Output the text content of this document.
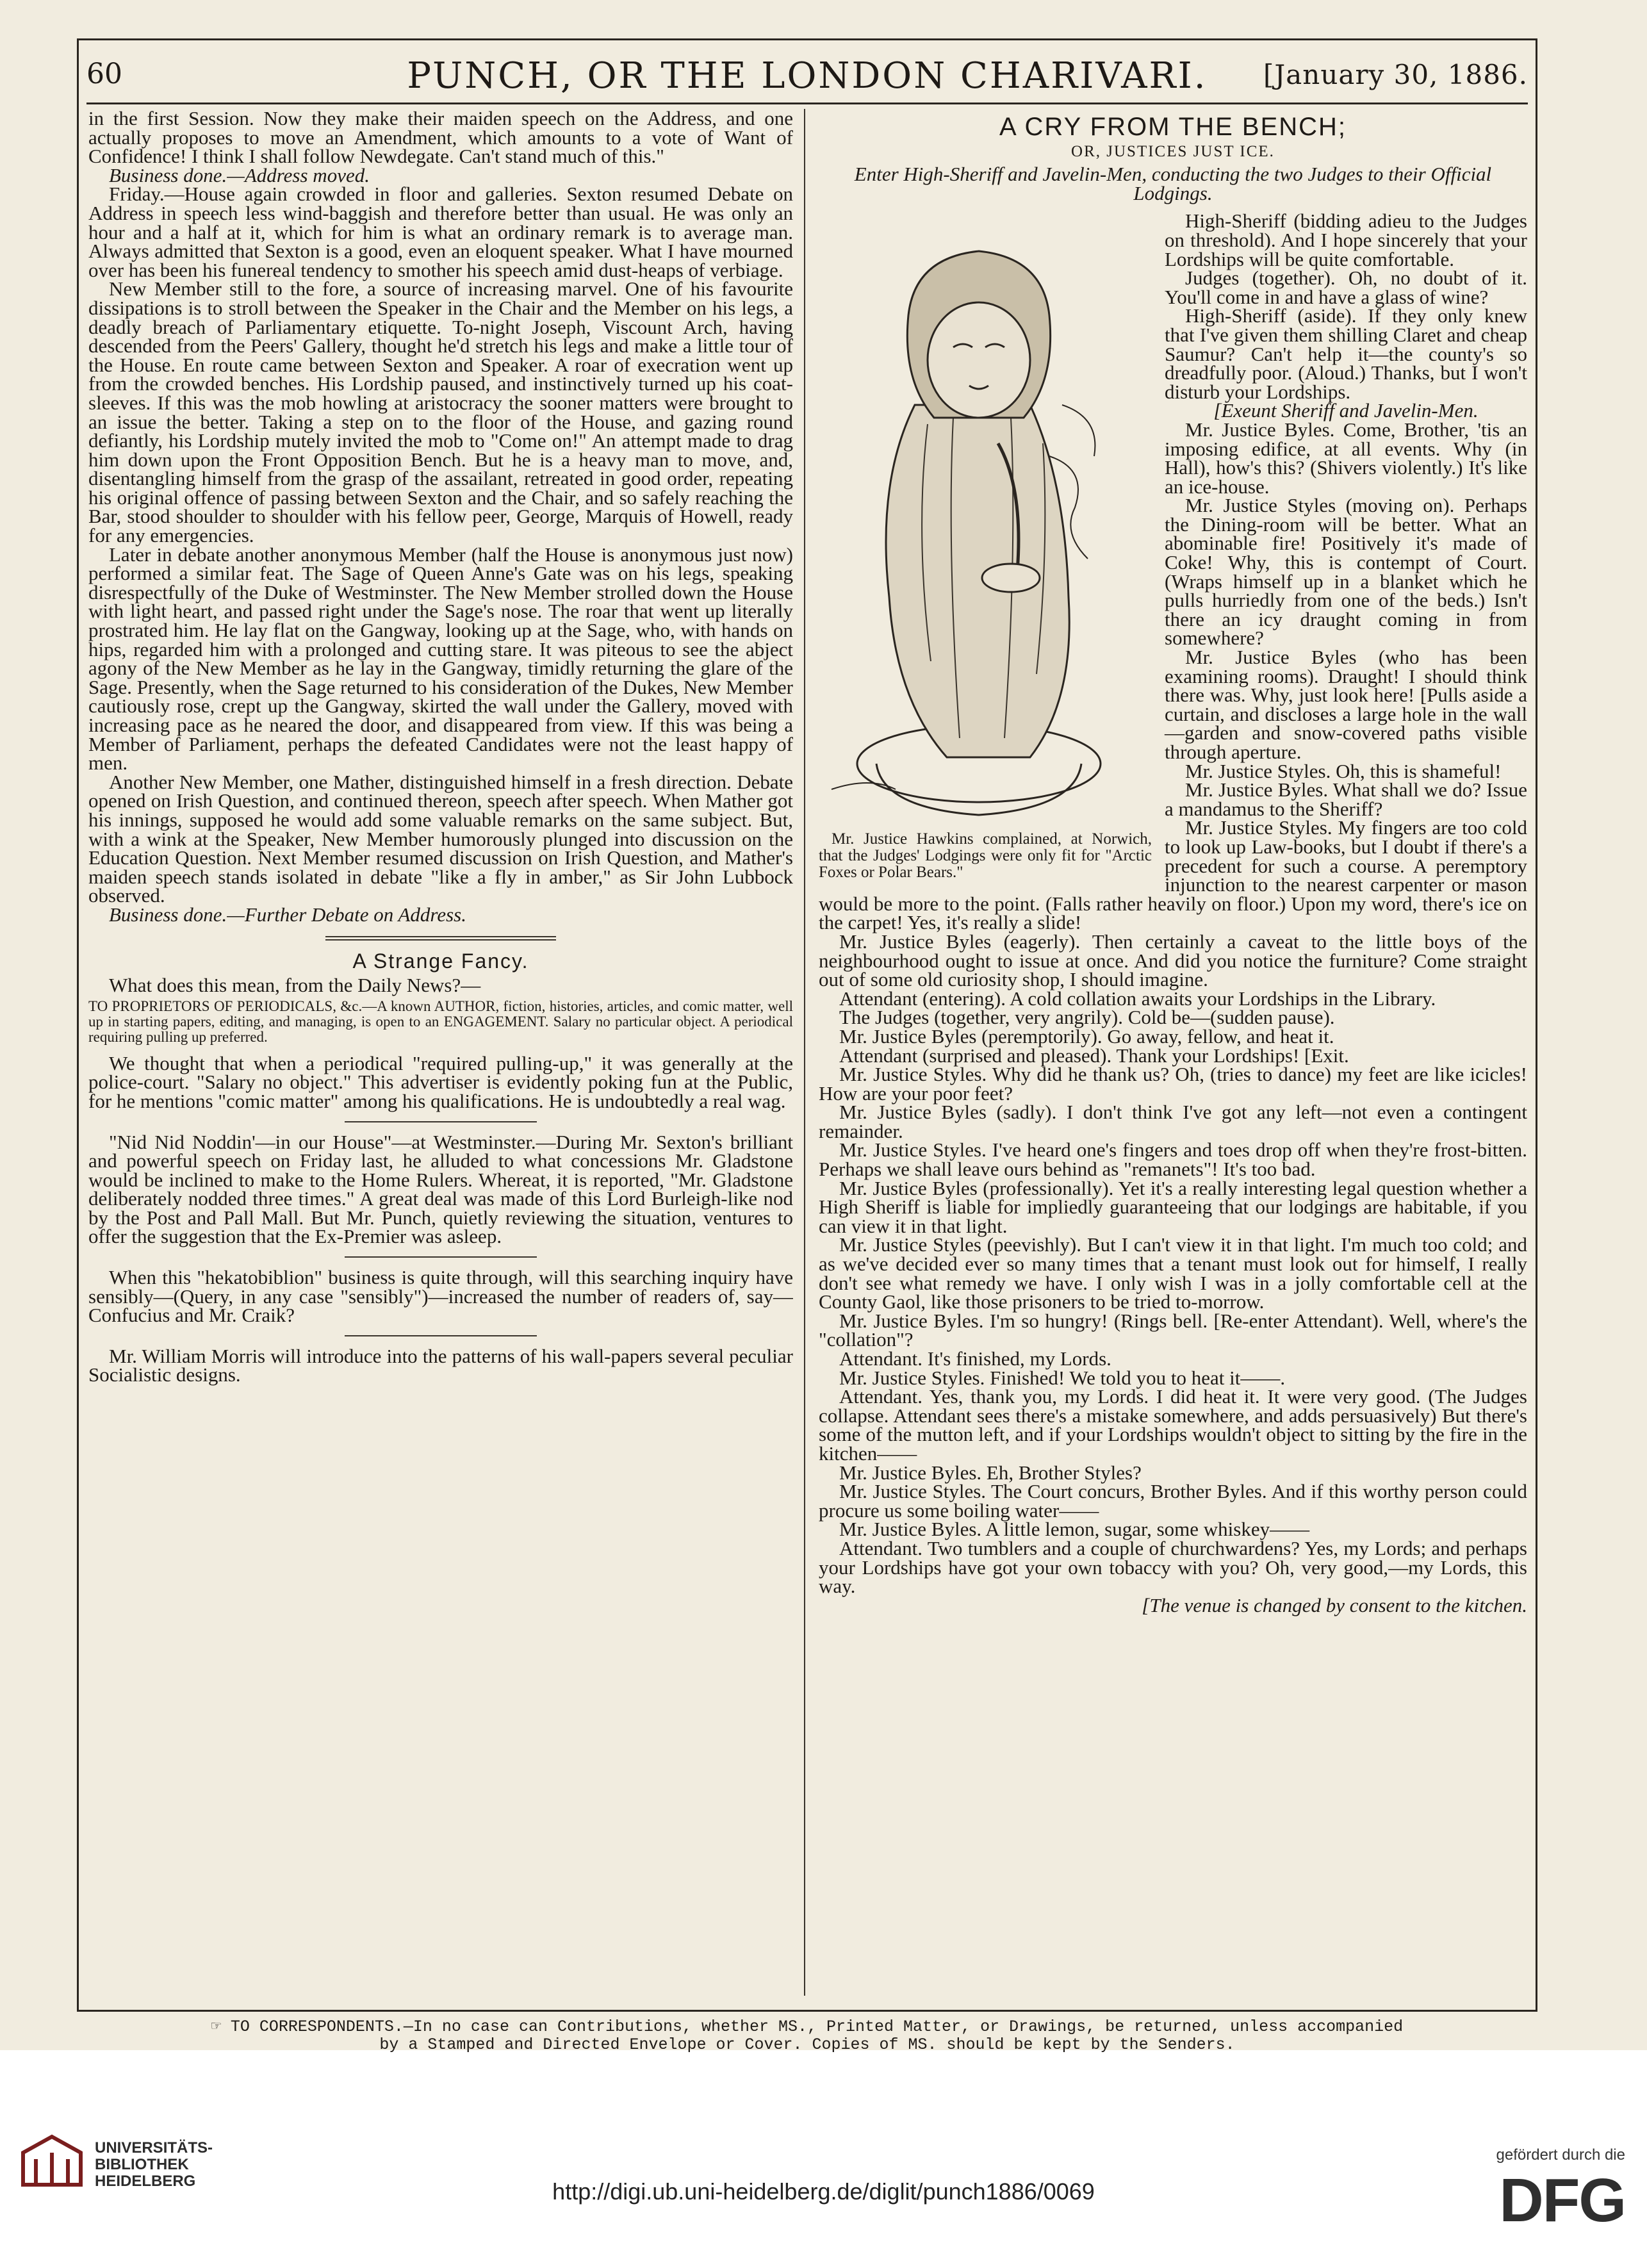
60	PUNCH, OR THE LONDON CHARIVARI.	[January 30, 1886.

in the first Session. Now they make their maiden speech on the Address, and one actually proposes to move an Amendment, which amounts to a vote of Want of Confidence! I think I shall follow Newdegate. Can't stand much of this."

Business done.—Address moved.

Friday.—House again crowded in floor and galleries. Sexton resumed Debate on Address in speech less wind-baggish and therefore better than usual. He was only an hour and a half at it, which for him is what an ordinary remark is to average man. Always admitted that Sexton is a good, even an eloquent speaker. What I have mourned over has been his funereal tendency to smother his speech amid dust-heaps of verbiage.

New Member still to the fore, a source of increasing marvel. One of his favourite dissipations is to stroll between the Speaker in the Chair and the Member on his legs, a deadly breach of Parliamentary etiquette. To-night Joseph, Viscount Arch, having descended from the Peers' Gallery, thought he'd stretch his legs and make a little tour of the House. En route came between Sexton and Speaker. A roar of execration went up from the crowded benches. His Lordship paused, and instinctively turned up his coat-sleeves. If this was the mob howling at aristocracy the sooner matters were brought to an issue the better. Taking a step on to the floor of the House, and gazing round defiantly, his Lordship mutely invited the mob to "Come on!" An attempt made to drag him down upon the Front Opposition Bench. But he is a heavy man to move, and, disentangling himself from the grasp of the assailant, retreated in good order, repeating his original offence of passing between Sexton and the Chair, and so safely reaching the Bar, stood shoulder to shoulder with his fellow peer, George, Marquis of Howell, ready for any emergencies.

Later in debate another anonymous Member (half the House is anonymous just now) performed a similar feat. The Sage of Queen Anne's Gate was on his legs, speaking disrespectfully of the Duke of Westminster. The New Member strolled down the House with light heart, and passed right under the Sage's nose. The roar that went up literally prostrated him. He lay flat on the Gangway, looking up at the Sage, who, with hands on hips, regarded him with a prolonged and cutting stare. It was piteous to see the abject agony of the New Member as he lay in the Gangway, timidly returning the glare of the Sage. Presently, when the Sage returned to his consideration of the Dukes, New Member cautiously rose, crept up the Gangway, skirted the wall under the Gallery, moved with increasing pace as he neared the door, and disappeared from view. If this was being a Member of Parliament, perhaps the defeated Candidates were not the least happy of men.

Another New Member, one Mather, distinguished himself in a fresh direction. Debate opened on Irish Question, and continued thereon, speech after speech. When Mather got his innings, supposed he would add some valuable remarks on the same subject. But, with a wink at the Speaker, New Member humorously plunged into discussion on the Education Question. Next Member resumed discussion on Irish Question, and Mather's maiden speech stands isolated in debate "like a fly in amber," as Sir John Lubbock observed.

Business done.—Further Debate on Address.

A Strange Fancy.

What does this mean, from the Daily News?—

TO PROPRIETORS OF PERIODICALS, &c.—A known AUTHOR, fiction, histories, articles, and comic matter, well up in starting papers, editing, and managing, is open to an ENGAGEMENT. Salary no particular object. A periodical requiring pulling up preferred.

We thought that when a periodical "required pulling-up," it was generally at the police-court. "Salary no object." This advertiser is evidently poking fun at the Public, for he mentions "comic matter" among his qualifications. He is undoubtedly a real wag.

"Nid Nid Noddin'—in our House"—at Westminster.—During Mr. Sexton's brilliant and powerful speech on Friday last, he alluded to what concessions Mr. Gladstone would be inclined to make to the Home Rulers. Whereat, it is reported, "Mr. Gladstone deliberately nodded three times." A great deal was made of this Lord Burleigh-like nod by the Post and Pall Mall. But Mr. Punch, quietly reviewing the situation, ventures to offer the suggestion that the Ex-Premier was asleep.

When this "hekatobiblion" business is quite through, will this searching inquiry have sensibly—(Query, in any case "sensibly")—increased the number of readers of, say—Confucius and Mr. Craik?

Mr. William Morris will introduce into the patterns of his wall-papers several peculiar Socialistic designs.

A CRY FROM THE BENCH;
OR, JUSTICES JUST ICE.

Enter High-Sheriff and Javelin-Men, conducting the two Judges to their Official Lodgings.

Mr. Justice Hawkins complained, at Norwich, that the Judges' Lodgings were only fit for "Arctic Foxes or Polar Bears."

High-Sheriff (bidding adieu to the Judges on threshold). And I hope sincerely that your Lordships will be quite comfortable.

Judges (together). Oh, no doubt of it. You'll come in and have a glass of wine?

High-Sheriff (aside). If they only knew that I've given them shilling Claret and cheap Saumur? Can't help it—the county's so dreadfully poor. (Aloud.) Thanks, but I won't disturb your Lordships.

[Exeunt Sheriff and Javelin-Men.

Mr. Justice Byles. Come, Brother, 'tis an imposing edifice, at all events. Why (in Hall), how's this? (Shivers violently.) It's like an ice-house.

Mr. Justice Styles (moving on). Perhaps the Dining-room will be better. What an abominable fire! Positively it's made of Coke! Why, this is contempt of Court. (Wraps himself up in a blanket which he pulls hurriedly from one of the beds.) Isn't there an icy draught coming in from somewhere?

Mr. Justice Byles (who has been examining rooms). Draught! I should think there was. Why, just look here! [Pulls aside a curtain, and discloses a large hole in the wall—garden and snow-covered paths visible through aperture.

Mr. Justice Styles. Oh, this is shameful!

Mr. Justice Byles. What shall we do? Issue a mandamus to the Sheriff?

Mr. Justice Styles. My fingers are too cold to look up Law-books, but I doubt if there's a precedent for such a course. A peremptory injunction to the nearest carpenter or mason would be more to the point. (Falls rather heavily on floor.) Upon my word, there's ice on the carpet! Yes, it's really a slide!

Mr. Justice Byles (eagerly). Then certainly a caveat to the little boys of the neighbourhood ought to issue at once. And did you notice the furniture? Come straight out of some old curiosity shop, I should imagine.

Attendant (entering). A cold collation awaits your Lordships in the Library.

The Judges (together, very angrily). Cold be—(sudden pause).

Mr. Justice Byles (peremptorily). Go away, fellow, and heat it.

Attendant (surprised and pleased). Thank your Lordships! [Exit.

Mr. Justice Styles. Why did he thank us? Oh, (tries to dance) my feet are like icicles! How are your poor feet?

Mr. Justice Byles (sadly). I don't think I've got any left—not even a contingent remainder.

Mr. Justice Styles. I've heard one's fingers and toes drop off when they're frost-bitten. Perhaps we shall leave ours behind as "remanets"! It's too bad.

Mr. Justice Byles (professionally). Yet it's a really interesting legal question whether a High Sheriff is liable for impliedly guaranteeing that our lodgings are habitable, if you can view it in that light.

Mr. Justice Styles (peevishly). But I can't view it in that light. I'm much too cold; and as we've decided ever so many times that a tenant must look out for himself, I really don't see what remedy we have. I only wish I was in a jolly comfortable cell at the County Gaol, like those prisoners to be tried to-morrow.

Mr. Justice Byles. I'm so hungry! (Rings bell. [Re-enter Attendant). Well, where's the "collation"?

Attendant. It's finished, my Lords.

Mr. Justice Styles. Finished! We told you to heat it——.

Attendant. Yes, thank you, my Lords. I did heat it. It were very good. (The Judges collapse. Attendant sees there's a mistake somewhere, and adds persuasively) But there's some of the mutton left, and if your Lordships wouldn't object to sitting by the fire in the kitchen——

Mr. Justice Byles. Eh, Brother Styles?

Mr. Justice Styles. The Court concurs, Brother Byles. And if this worthy person could procure us some boiling water——

Mr. Justice Byles. A little lemon, sugar, some whiskey——

Attendant. Two tumblers and a couple of churchwardens? Yes, my Lords; and perhaps your Lordships have got your own tobaccy with you? Oh, very good,—my Lords, this way.

[The venue is changed by consent to the kitchen.

☞ TO CORRESPONDENTS.—In no case can Contributions, whether MS., Printed Matter, or Drawings, be returned, unless accompanied
by a Stamped and Directed Envelope or Cover. Copies of MS. should be kept by the Senders.
UNIVERSITÄTS-
BIBLIOTHEK
HEIDELBERG	http://digi.ub.uni-heidelberg.de/diglit/punch1886/0069
gefördert durch die
DFG
